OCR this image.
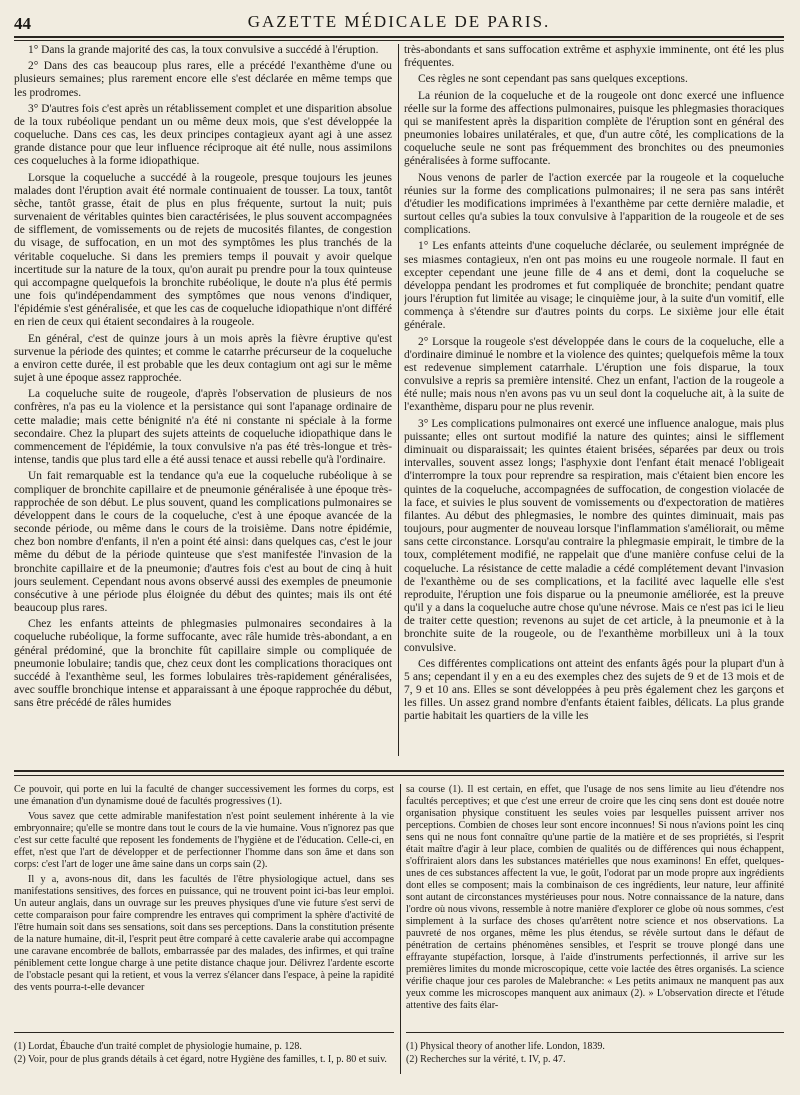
44	GAZETTE MÉDICALE DE PARIS.

1° Dans la grande majorité des cas, la toux convulsive a succédé à l'éruption.

2° Dans des cas beaucoup plus rares, elle a précédé l'exanthème d'une ou plusieurs semaines; plus rarement encore elle s'est déclarée en même temps que les prodromes.

3° D'autres fois c'est après un rétablissement complet et une disparition absolue de la toux rubéolique pendant un ou même deux mois, que s'est développée la coqueluche. Dans ces cas, les deux principes contagieux ayant agi à une assez grande distance pour que leur influence réciproque ait été nulle, nous assimilons ces coqueluches à la forme idiopathique.

Lorsque la coqueluche a succédé à la rougeole, presque toujours les jeunes malades dont l'éruption avait été normale continuaient de tousser. La toux, tantôt sèche, tantôt grasse, était de plus en plus fréquente, surtout la nuit; puis survenaient de véritables quintes bien caractérisées, le plus souvent accompagnées de sifflement, de vomissements ou de rejets de mucosités filantes, de congestion du visage, de suffocation, en un mot des symptômes les plus tranchés de la véritable coqueluche. Si dans les premiers temps il pouvait y avoir quelque incertitude sur la nature de la toux, qu'on aurait pu prendre pour la toux quinteuse qui accompagne quelquefois la bronchite rubéolique, le doute n'a plus été permis une fois qu'indépendamment des symptômes que nous venons d'indiquer, l'épidémie s'est généralisée, et que les cas de coqueluche idiopathique n'ont différé en rien de ceux qui étaient secondaires à la rougeole.

En général, c'est de quinze jours à un mois après la fièvre éruptive qu'est survenue la période des quintes; et comme le catarrhe précurseur de la coqueluche a environ cette durée, il est probable que les deux contagium ont agi sur le même sujet à une époque assez rapprochée.

La coqueluche suite de rougeole, d'après l'observation de plusieurs de nos confrères, n'a pas eu la violence et la persistance qui sont l'apanage ordinaire de cette maladie; mais cette bénignité n'a été ni constante ni spéciale à la forme secondaire. Chez la plupart des sujets atteints de coqueluche idiopathique dans le commencement de l'épidémie, la toux convulsive n'a pas été très-longue et très-intense, tandis que plus tard elle a été aussi tenace et aussi rebelle qu'à l'ordinaire.

Un fait remarquable est la tendance qu'a eue la coqueluche rubéolique à se compliquer de bronchite capillaire et de pneumonie généralisée à une époque très-rapprochée de son début. Le plus souvent, quand les complications pulmonaires se développent dans le cours de la coqueluche, c'est à une époque avancée de la seconde période, ou même dans le cours de la troisième. Dans notre épidémie, chez bon nombre d'enfants, il n'en a point été ainsi: dans quelques cas, c'est le jour même du début de la période quinteuse que s'est manifestée l'invasion de la bronchite capillaire et de la pneumonie; d'autres fois c'est au bout de cinq à huit jours seulement. Cependant nous avons observé aussi des exemples de pneumonie consécutive à une période plus éloignée du début des quintes; mais ils ont été beaucoup plus rares.

Chez les enfants atteints de phlegmasies pulmonaires secondaires à la coqueluche rubéolique, la forme suffocante, avec râle humide très-abondant, a en général prédominé, que la bronchite fût capillaire simple ou compliquée de pneumonie lobulaire; tandis que, chez ceux dont les complications thoraciques ont succédé à l'exanthème seul, les formes lobulaires très-rapidement généralisées, avec souffle bronchique intense et apparaissant à une époque rapprochée du début, sans être précédé de râles humides

très-abondants et sans suffocation extrême et asphyxie imminente, ont été les plus fréquentes.

Ces règles ne sont cependant pas sans quelques exceptions.

La réunion de la coqueluche et de la rougeole ont donc exercé une influence réelle sur la forme des affections pulmonaires, puisque les phlegmasies thoraciques qui se manifestent après la disparition complète de l'éruption sont en général des pneumonies lobaires unilatérales, et que, d'un autre côté, les complications de la coqueluche seule ne sont pas fréquemment des bronchites ou des pneumonies généralisées à forme suffocante.

Nous venons de parler de l'action exercée par la rougeole et la coqueluche réunies sur la forme des complications pulmonaires; il ne sera pas sans intérêt d'étudier les modifications imprimées à l'exanthème par cette dernière maladie, et surtout celles qu'a subies la toux convulsive à l'apparition de la rougeole et de ses complications.

1° Les enfants atteints d'une coqueluche déclarée, ou seulement imprégnée de ses miasmes contagieux, n'en ont pas moins eu une rougeole normale. Il faut en excepter cependant une jeune fille de 4 ans et demi, dont la coqueluche se développa pendant les prodromes et fut compliquée de bronchite; pendant quatre jours l'éruption fut limitée au visage; le cinquième jour, à la suite d'un vomitif, elle commença à s'étendre sur d'autres points du corps. Le sixième jour elle était générale.

2° Lorsque la rougeole s'est développée dans le cours de la coqueluche, elle a d'ordinaire diminué le nombre et la violence des quintes; quelquefois même la toux est redevenue simplement catarrhale. L'éruption une fois disparue, la toux convulsive a repris sa première intensité. Chez un enfant, l'action de la rougeole a été nulle; mais nous n'en avons pas vu un seul dont la coqueluche ait, à la suite de l'exanthème, disparu pour ne plus revenir.

3° Les complications pulmonaires ont exercé une influence analogue, mais plus puissante; elles ont surtout modifié la nature des quintes; ainsi le sifflement diminuait ou disparaissait; les quintes étaient brisées, séparées par deux ou trois intervalles, souvent assez longs; l'asphyxie dont l'enfant était menacé l'obligeait d'interrompre la toux pour reprendre sa respiration, mais c'étaient bien encore les quintes de la coqueluche, accompagnées de suffocation, de congestion violacée de la face, et suivies le plus souvent de vomissements ou d'expectoration de matières filantes. Au début des phlegmasies, le nombre des quintes diminuait, mais pas toujours, pour augmenter de nouveau lorsque l'inflammation s'améliorait, ou même sans cette circonstance. Lorsqu'au contraire la phlegmasie empirait, le timbre de la toux, complétement modifié, ne rappelait que d'une manière confuse celui de la coqueluche. La résistance de cette maladie a cédé complétement devant l'invasion de l'exanthème ou de ses complications, et la facilité avec laquelle elle s'est reproduite, l'éruption une fois disparue ou la pneumonie améliorée, est la preuve qu'il y a dans la coqueluche autre chose qu'une névrose. Mais ce n'est pas ici le lieu de traiter cette question; revenons au sujet de cet article, à la pneumonie et à la bronchite suite de la rougeole, ou de l'exanthème morbilleux uni à la toux convulsive.

Ces différentes complications ont atteint des enfants âgés pour la plupart d'un à 5 ans; cependant il y en a eu des exemples chez des sujets de 9 et de 13 mois et de 7, 9 et 10 ans. Elles se sont développées à peu près également chez les garçons et les filles. Un assez grand nombre d'enfants étaient faibles, délicats. La plus grande partie habitait les quartiers de la ville les

Ce pouvoir, qui porte en lui la faculté de changer successivement les formes du corps, est une émanation d'un dynamisme doué de facultés progressives (1).

Vous savez que cette admirable manifestation n'est point seulement inhérente à la vie embryonnaire; qu'elle se montre dans tout le cours de la vie humaine. Vous n'ignorez pas que c'est sur cette faculté que reposent les fondements de l'hygiène et de l'éducation. Celle-ci, en effet, n'est que l'art de développer et de perfectionner l'homme dans son âme et dans son corps: c'est l'art de loger une âme saine dans un corps sain (2).

Il y a, avons-nous dit, dans les facultés de l'être physiologique actuel, dans ses manifestations sensitives, des forces en puissance, qui ne trouvent point ici-bas leur emploi. Un auteur anglais, dans un ouvrage sur les preuves physiques d'une vie future s'est servi de cette comparaison pour faire comprendre les entraves qui compriment la sphère d'activité de l'être humain soit dans ses sensations, soit dans ses perceptions. Dans la constitution présente de la nature humaine, dit-il, l'esprit peut être comparé à cette cavalerie arabe qui accompagne une caravane encombrée de ballots, embarrassée par des malades, des infirmes, et qui traîne péniblement cette longue charge à une petite distance chaque jour. Délivrez l'ardente escorte de l'obstacle pesant qui la retient, et vous la verrez s'élancer dans l'espace, à peine la rapidité des vents pourra-t-elle devancer

sa course (1). Il est certain, en effet, que l'usage de nos sens limite au lieu d'étendre nos facultés perceptives; et que c'est une erreur de croire que les cinq sens dont est douée notre organisation physique constituent les seules voies par lesquelles puissent arriver nos perceptions. Combien de choses leur sont encore inconnues! Si nous n'avions point les cinq sens qui ne nous font connaître qu'une partie de la matière et de ses propriétés, si l'esprit était maître d'agir à leur place, combien de qualités ou de différences qui nous échappent, s'offriraient alors dans les substances matérielles que nous examinons! En effet, quelques-unes de ces substances affectent la vue, le goût, l'odorat par un mode propre aux ingrédients dont elles se composent; mais la combinaison de ces ingrédients, leur nature, leur affinité sont autant de circonstances mystérieuses pour nous. Notre connaissance de la nature, dans l'ordre où nous vivons, ressemble à notre manière d'explorer ce globe où nous sommes, c'est simplement à la surface des choses qu'arrêtent notre science et nos observations. La pauvreté de nos organes, même les plus étendus, se révèle surtout dans le défaut de pénétration de certains phénomènes sensibles, et l'esprit se trouve plongé dans une effrayante stupéfaction, lorsque, à l'aide d'instruments perfectionnés, il arrive sur les premières limites du monde microscopique, cette voie lactée des êtres organisés. La science vérifie chaque jour ces paroles de Malebranche: « Les petits animaux ne manquent pas aux yeux comme les microscopes manquent aux animaux (2). » L'observation directe et l'étude attentive des faits élar-

(1) Lordat, Ébauche d'un traité complet de physiologie humaine, p. 128.
(2) Voir, pour de plus grands détails à cet égard, notre Hygiène des familles, t. I, p. 80 et suiv.
(1) Physical theory of another life. London, 1839.
(2) Recherches sur la vérité, t. IV, p. 47.
